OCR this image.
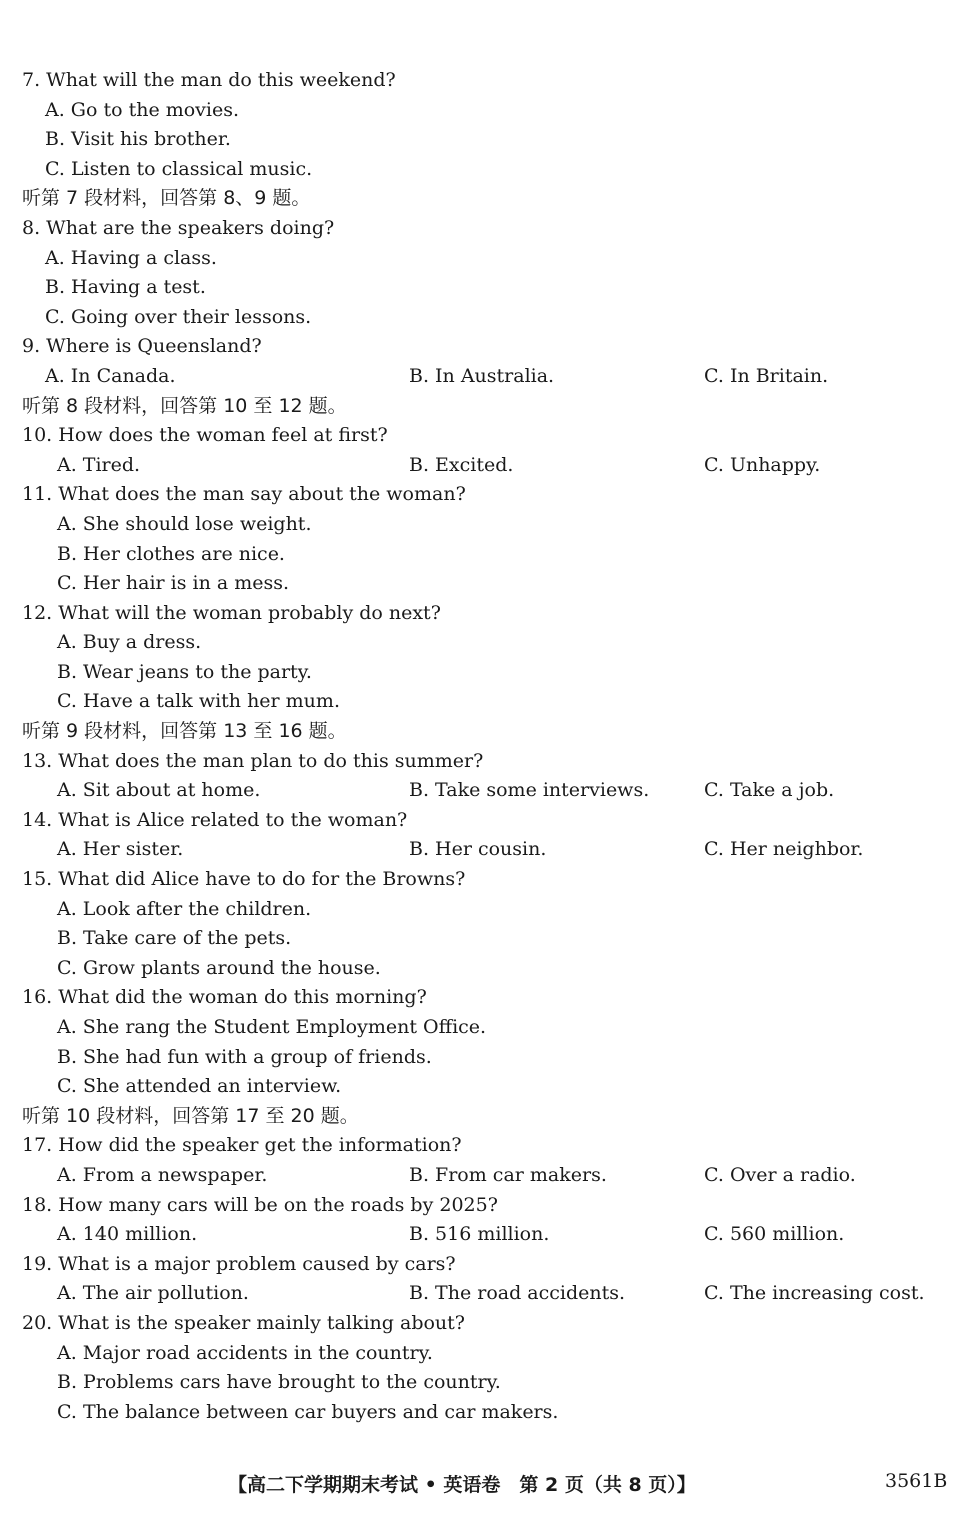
7. What will the man do this weekend?
A. Go to the movies.
B. Visit his brother.
C. Listen to classical music.
听第 7 段材料，回答第 8、9 题。
8. What are the speakers doing?
A. Having a class.
B. Having a test.
C. Going over their lessons.
9. Where is Queensland?
A. In Canada.	B. In Australia.	C. In Britain.
听第 8 段材料，回答第 10 至 12 题。
10. How does the woman feel at first?
A. Tired.	B. Excited.	C. Unhappy.
11. What does the man say about the woman?
A. She should lose weight.
B. Her clothes are nice.
C. Her hair is in a mess.
12. What will the woman probably do next?
A. Buy a dress.
B. Wear jeans to the party.
C. Have a talk with her mum.
听第 9 段材料，回答第 13 至 16 题。
13. What does the man plan to do this summer?
A. Sit about at home.	B. Take some interviews.	C. Take a job.
14. What is Alice related to the woman?
A. Her sister.	B. Her cousin.	C. Her neighbor.
15. What did Alice have to do for the Browns?
A. Look after the children.
B. Take care of the pets.
C. Grow plants around the house.
16. What did the woman do this morning?
A. She rang the Student Employment Office.
B. She had fun with a group of friends.
C. She attended an interview.
听第 10 段材料，回答第 17 至 20 题。
17. How did the speaker get the information?
A. From a newspaper.	B. From car makers.	C. Over a radio.
18. How many cars will be on the roads by 2025?
A. 140 million.	B. 516 million.	C. 560 million.
19. What is a major problem caused by cars?
A. The air pollution.	B. The road accidents.	C. The increasing cost.
20. What is the speaker mainly talking about?
A. Major road accidents in the country.
B. Problems cars have brought to the country.
C. The balance between car buyers and car makers.
【高二下学期期末考试 • 英语卷　第 2 页（共 8 页）】	3561B
